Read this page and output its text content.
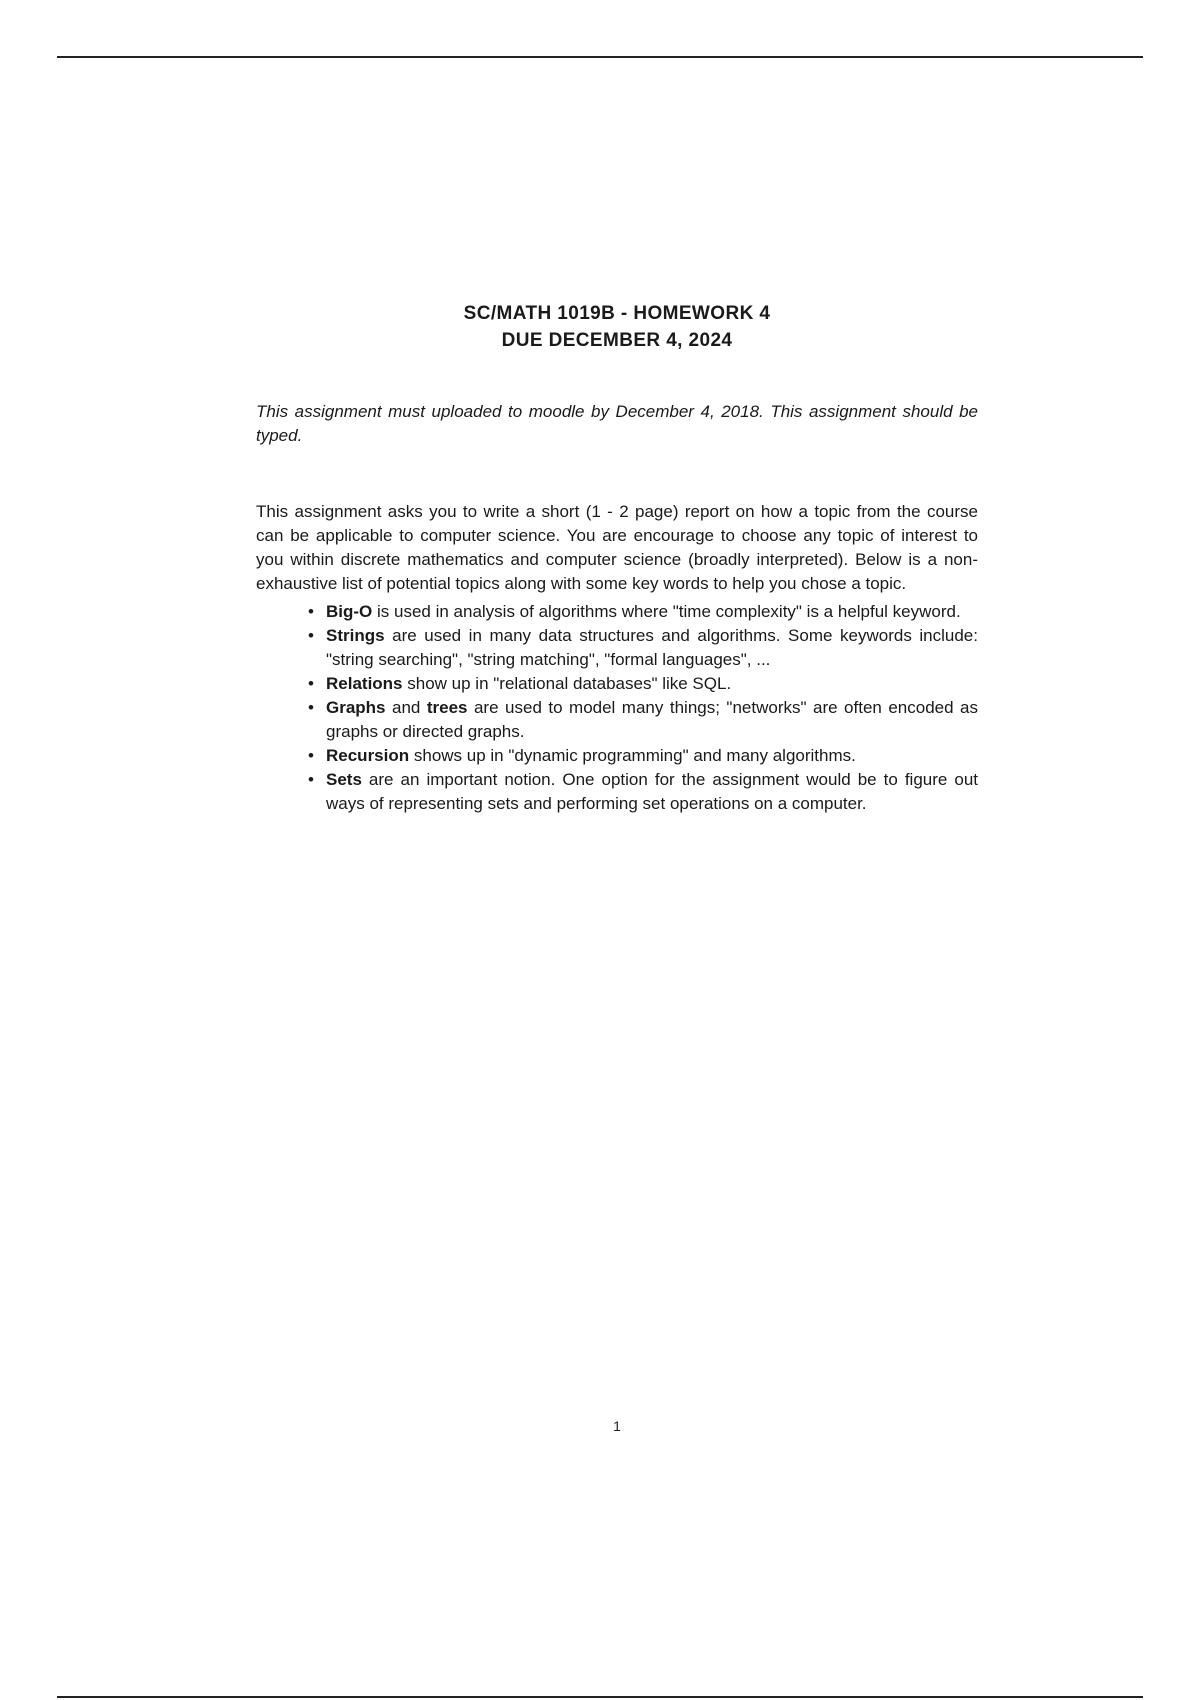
SC/MATH 1019B - HOMEWORK 4

DUE DECEMBER 4, 2024

This assignment must uploaded to moodle by December 4, 2018. This assignment should be typed.
This assignment asks you to write a short (1 - 2 page) report on how a topic from the course can be applicable to computer science. You are encourage to choose any topic of interest to you within discrete mathematics and computer science (broadly interpreted). Below is a non-exhaustive list of potential topics along with some key words to help you chose a topic.
• Big-O is used in analysis of algorithms where "time complexity" is a helpful keyword.
• Strings are used in many data structures and algorithms. Some keywords include: "string searching", "string matching", "formal languages", ...
• Relations show up in "relational databases" like SQL.
• Graphs and trees are used to model many things; "networks" are often encoded as graphs or directed graphs.
• Recursion shows up in "dynamic programming" and many algorithms.
• Sets are an important notion. One option for the assignment would be to figure out ways of representing sets and performing set operations on a computer.
1
